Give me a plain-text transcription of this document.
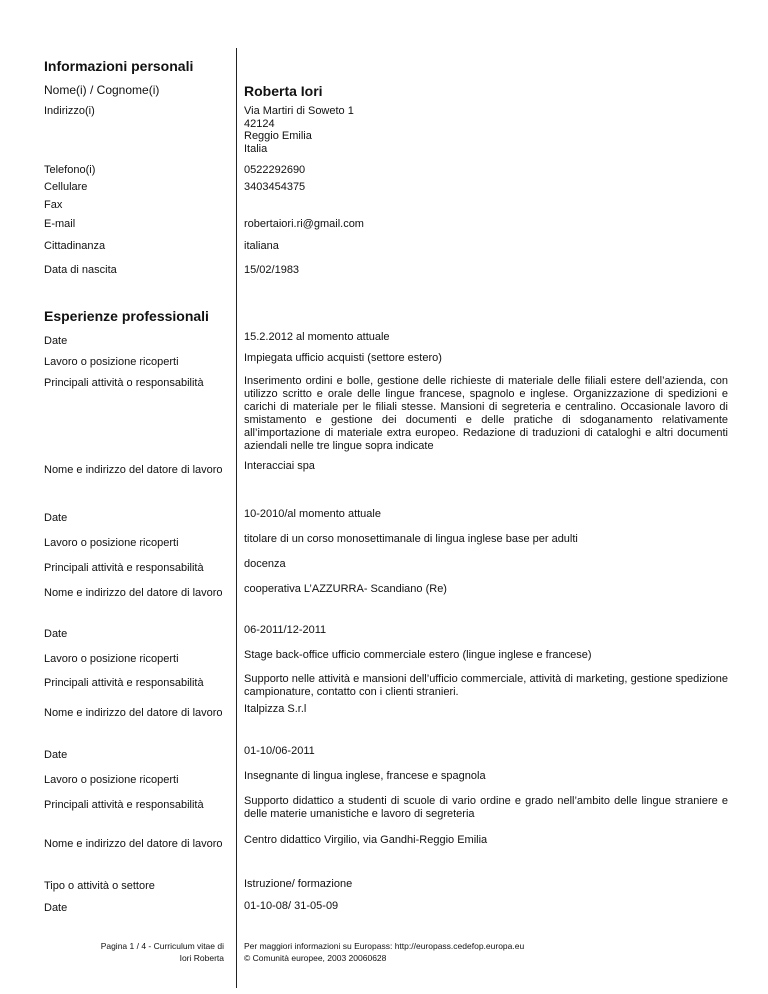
Informazioni personali
Nome(i) / Cognome(i)	Roberta Iori
Indirizzo(i)	Via Martiri di Soweto 1
42124
Reggio Emilia
Italia
Telefono(i)	0522292690
Cellulare	3403454375
Fax
E-mail	robertaiori.ri@gmail.com
Cittadinanza	italiana
Data di nascita	15/02/1983
Esperienze professionali
Date	15.2.2012 al momento attuale
Lavoro o posizione ricoperti	Impiegata ufficio acquisti (settore estero)
Principali attività o responsabilità	Inserimento ordini e bolle, gestione delle richieste di materiale delle filiali estere dell’azienda, con utilizzo scritto e orale delle lingue francese, spagnolo e inglese. Organizzazione di spedizioni e carichi di materiale per le filiali stesse. Mansioni di segreteria e centralino. Occasionale lavoro di smistamento e gestione dei documenti e delle pratiche di sdoganamento relativamente all’importazione di materiale extra europeo. Redazione di traduzioni di cataloghi e altri documenti aziendali nelle tre lingue sopra indicate
Nome e indirizzo del datore di lavoro	Interacciai spa
Date	10-2010/al momento attuale
Lavoro o posizione ricoperti	titolare di un corso monosettimanale di lingua inglese base per adulti
Principali attività e responsabilità	docenza
Nome e indirizzo del datore di lavoro	cooperativa L’AZZURRA- Scandiano (Re)
Date	06-2011/12-2011
Lavoro o posizione ricoperti	Stage back-office ufficio commerciale estero (lingue inglese e francese)
Principali attività e responsabilità	Supporto nelle attività e mansioni dell’ufficio commerciale, attività di marketing, gestione spedizione campionature, contatto con i clienti stranieri.
Nome e indirizzo del datore di lavoro	Italpizza S.r.l
Date	01-10/06-2011
Lavoro o posizione ricoperti	Insegnante di lingua inglese, francese e spagnola
Principali attività e responsabilità	Supporto didattico a studenti di scuole di vario ordine e grado nell’ambito delle lingue straniere e delle materie umanistiche e lavoro di segreteria
Nome e indirizzo del datore di lavoro	Centro didattico Virgilio, via Gandhi-Reggio Emilia
Tipo o attività o settore	Istruzione/ formazione
Date	01-10-08/ 31-05-09
Pagina 1 / 4 - Curriculum vitae di
Iori Roberta
Per maggiori informazioni su Europass: http://europass.cedefop.europa.eu
© Comunità europee, 2003 20060628
